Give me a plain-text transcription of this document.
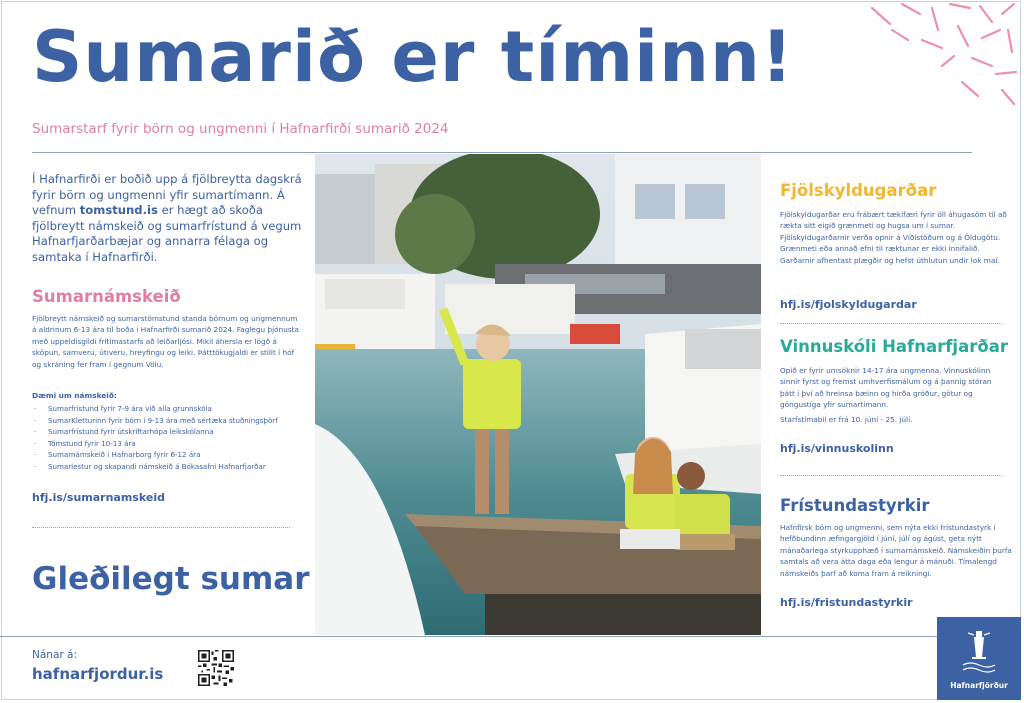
Sumarið er tíminn!
Sumarstarf fyrir börn og ungmenni í Hafnarfirði sumarið 2024
Í Hafnarfirði er boðið upp á fjölbreytta dagskrá fyrir börn og ungmenni yfir sumartímann. Á vefnum tomstund.is er hægt að skoða fjölbreytt námskeið og sumarfrístund á vegum Hafnarfjarðarbæjar og annarra félaga og samtaka í Hafnarfirði.
Sumarnámskeið
Fjölbreytt námskeið og sumarstömstund standa börnum og ungmennum á aldrinum 6-13 ára til boða í Hafnarfirði sumarið 2024. Faglegu þjónusta með uppeldisgildi frítímastarfs að leiðarljósi. Mikil áhersla er lögð á sköpun, samveru, útiveru, hreyfingu og leiki. Þátttökugjaldi er stillt í hóf og skráning fer fram í gegnum Völu.
Dæmi um námskeið:
· Sumarfrístund fyrir 7-9 ára við alla grunnskóla
· SumarKletturinn fyrir börn í 9-13 ára með sértæka stuðningsþörf
· Sumarfrístund fyrir útskriftarhópa leikskólanna
· Tómstund fyrir 10-13 ára
· Sumarnámskeið í Hafnarborg fyrir 6-12 ára
· Sumarlestur og skapandi námskeið á Bókasafni Hafnarfjarðar
hfj.is/sumarnamskeid
Gleðilegt sumar
Fjölskyldugarðar
Fjölskyldugarðar eru frábært tækifæri fyrir öll áhugasöm til að rækta sitt eigið grænmeti og hugsa um í sumar. Fjölskyldugarðarnir verða opnir á Víðistöðum og á Öldugötu. Grænmeti eða annað efni til ræktunar er ekki innifalið. Garðarnir afhentast plægðir og hefst úthlutun undir lok maí.
hfj.is/fjolskyldugardar
Vinnuskóli Hafnarfjarðar
Opið er fyrir umsóknir 14-17 ára ungmenna. Vinnuskólinn sinnir fyrst og fremst umhverfismálum og á þannig stóran þátt í því að hreinsa bæinn og hirða gróður, götur og göngustíga yfir sumartímann.
Starfstímabil er frá 10. júní - 25. júlí.
hfj.is/vinnuskolinn
Frístundastyrkir
Hafnfirsk börn og ungmenni, sem nýta ekki frístundastyrk í hefðbundinn æfingargjöld í júní, júlí og ágúst, geta nýtt mánaðarlega styrkupphæð í sumarnámskeið. Námskeiðin þurfa samtals að vera átta daga eða lengur á mánuði. Tímalengd námskeiðs þarf að koma fram á reikningi.
hfj.is/fristundastyrkir
Nánar á:
hafnarfjordur.is
Hafnarfjörður
